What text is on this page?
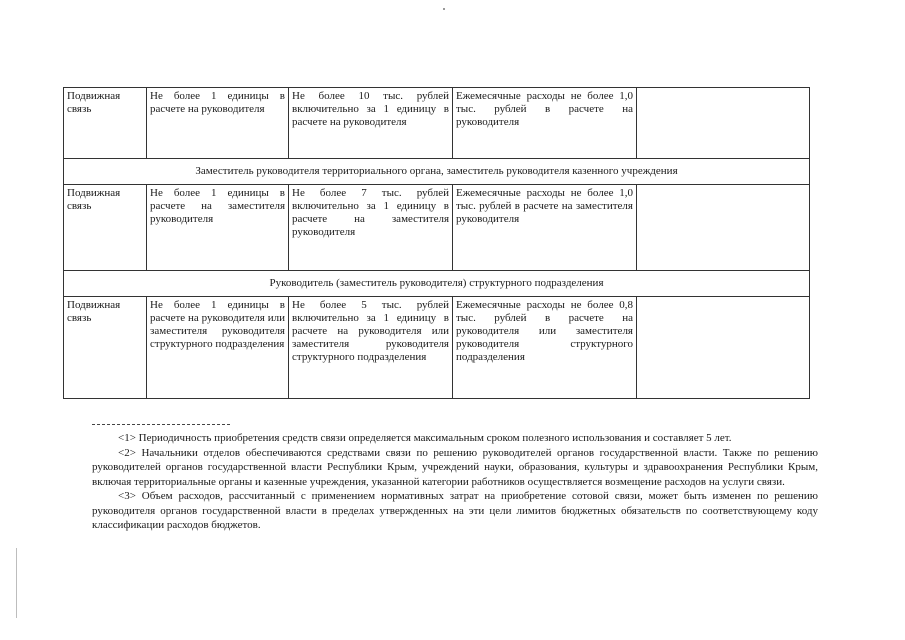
Подвижная связь	Не более 1 единицы в расчете на руководителя	Не более 10 тыс. рублей включительно за 1 единицу в расчете на руководителя	Ежемесячные расходы не более 1,0 тыс. рублей в расчете на руководителя	
Заместитель руководителя территориального органа, заместитель руководителя казенного учреждения				
Подвижная связь	Не более 1 единицы в расчете на заместителя руководителя	Не более 7 тыс. рублей включительно за 1 единицу в расчете на заместителя руководителя	Ежемесячные расходы не более 1,0 тыс. рублей в расчете на заместителя руководителя	
Руководитель (заместитель руководителя) структурного подразделения				
Подвижная связь	Не более 1 единицы в расчете на руководителя или заместителя руководителя структурного подразделения	Не более 5 тыс. рублей включительно за 1 единицу в расчете на руководителя или заместителя руководителя структурного подразделения	Ежемесячные расходы не более 0,8 тыс. рублей в расчете на руководителя или заместителя руководителя структурного подразделения	

<1> Периодичность приобретения средств связи определяется максимальным сроком полезного использования и составляет 5 лет.

<2> Начальники отделов обеспечиваются средствами связи по решению руководителей органов государственной власти. Также по решению руководителей органов государственной власти Республики Крым, учреждений науки, образования, культуры и здравоохранения Республики Крым, включая территориальные органы и казенные учреждения, указанной категории работников осуществляется возмещение расходов на услуги связи.

<3> Объем расходов, рассчитанный с применением нормативных затрат на приобретение сотовой связи, может быть изменен по решению руководителя органов государственной власти в пределах утвержденных на эти цели лимитов бюджетных обязательств по соответствующему коду классификации расходов бюджетов.
